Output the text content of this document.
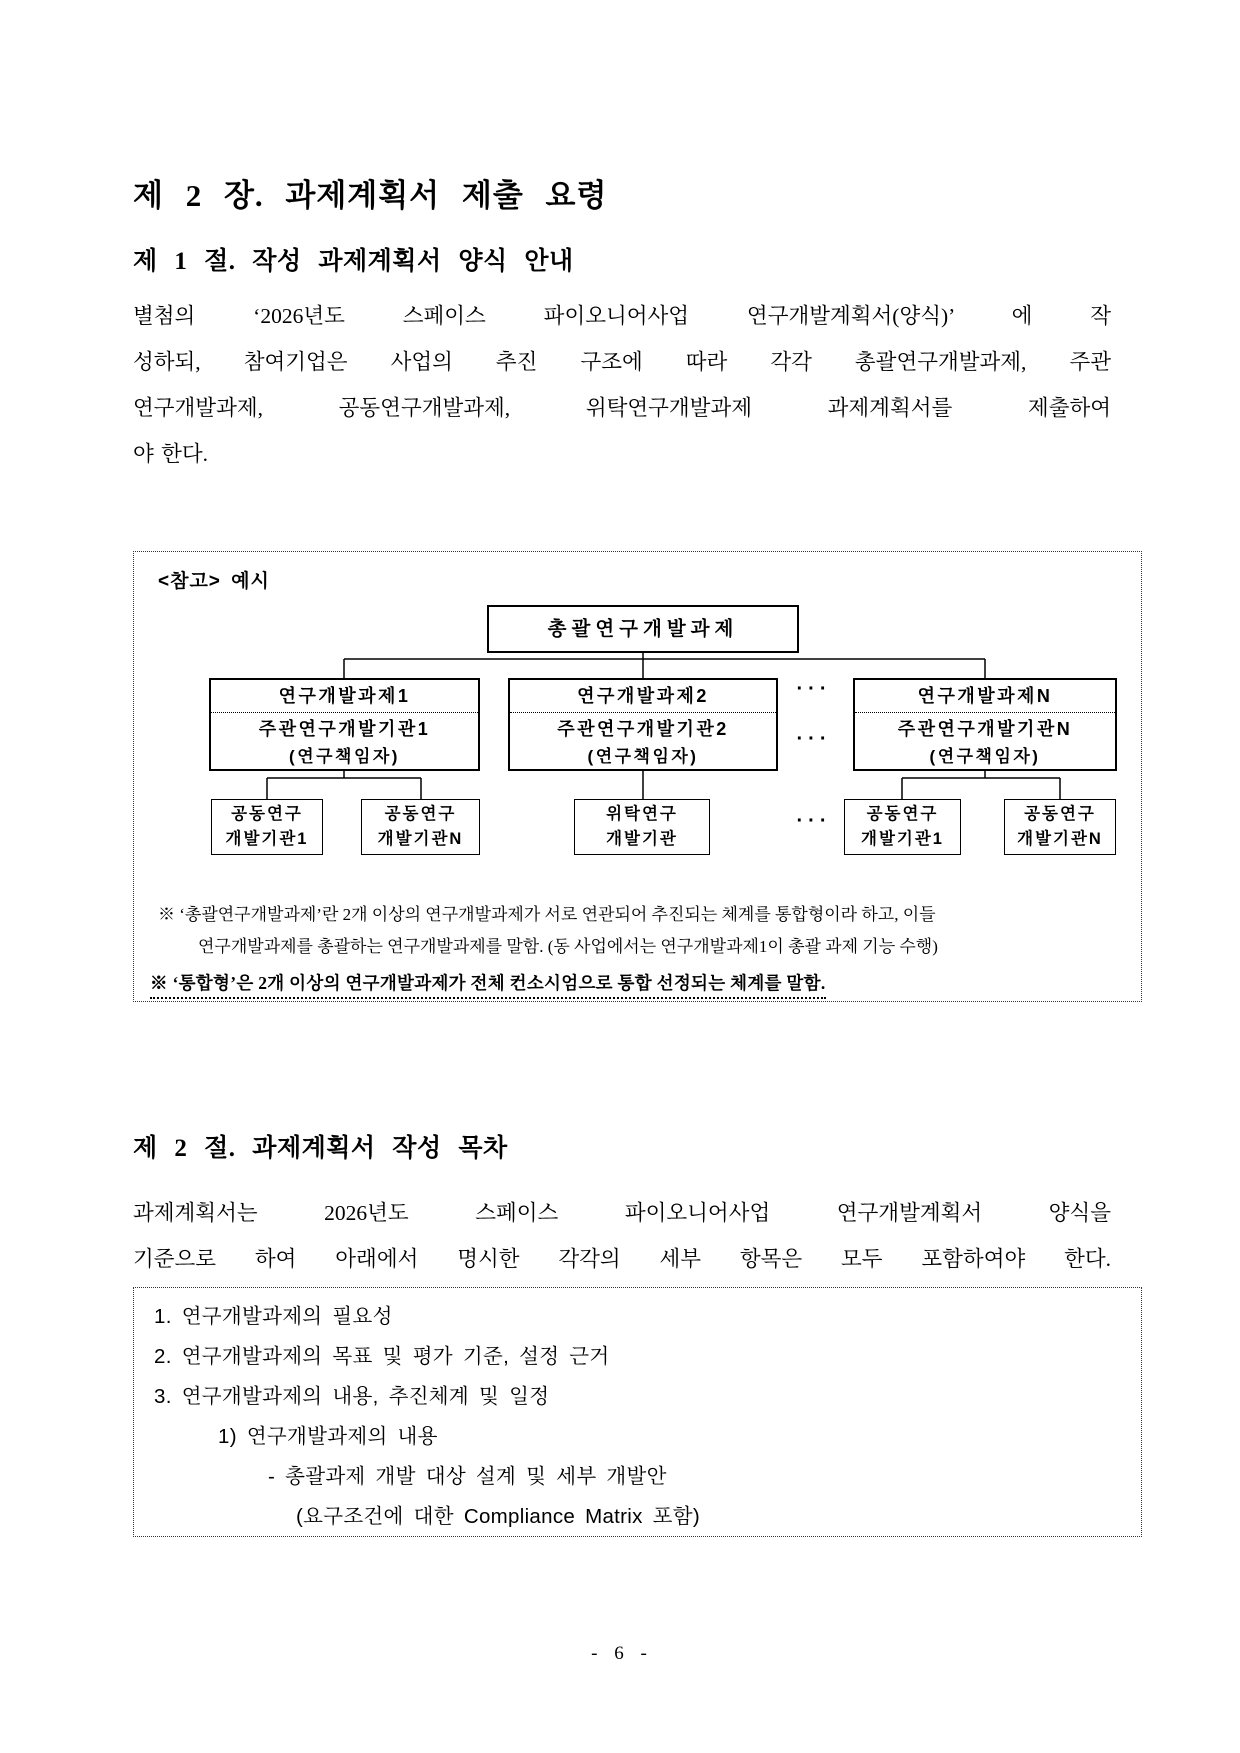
제 2 장. 과제계획서 제출 요령
제 1 절. 작성 과제계획서 양식 안내
별첨의 ‘2026년도 스페이스 파이오니어사업 연구개발계획서(양식)’ 에 작
성하되, 참여기업은 사업의 추진 구조에 따라 각각 총괄연구개발과제, 주관
연구개발과제, 공동연구개발과제, 위탁연구개발과제 과제계획서를 제출하여
야 한다.
<참고> 예시
총괄연구개발과제
연구개발과제1
주관연구개발기관1
(연구책임자)
연구개발과제2
주관연구개발기관2
(연구책임자)
연구개발과제N
주관연구개발기관N
(연구책임자)
공동연구
개발기관1
공동연구
개발기관N
위탁연구
개발기관
공동연구
개발기관1
공동연구
개발기관N
···
···
···
※ ‘총괄연구개발과제’란 2개 이상의 연구개발과제가 서로 연관되어 추진되는 체계를 통합형이라 하고, 이들
연구개발과제를 총괄하는 연구개발과제를 말함. (동 사업에서는 연구개발과제1이 총괄 과제 기능 수행)
※ ‘통합형’은 2개 이상의 연구개발과제가 전체 컨소시엄으로 통합 선정되는 체계를 말함.
제 2 절. 과제계획서 작성 목차
과제계획서는 2026년도 스페이스 파이오니어사업 연구개발계획서 양식을
기준으로 하여 아래에서 명시한 각각의 세부 항목은 모두 포함하여야 한다.
1. 연구개발과제의 필요성
2. 연구개발과제의 목표 및 평가 기준, 설정 근거
3. 연구개발과제의 내용, 추진체계 및 일정
1) 연구개발과제의 내용
- 총괄과제 개발 대상 설계 및 세부 개발안
(요구조건에 대한 Compliance Matrix 포함)
- 6 -
